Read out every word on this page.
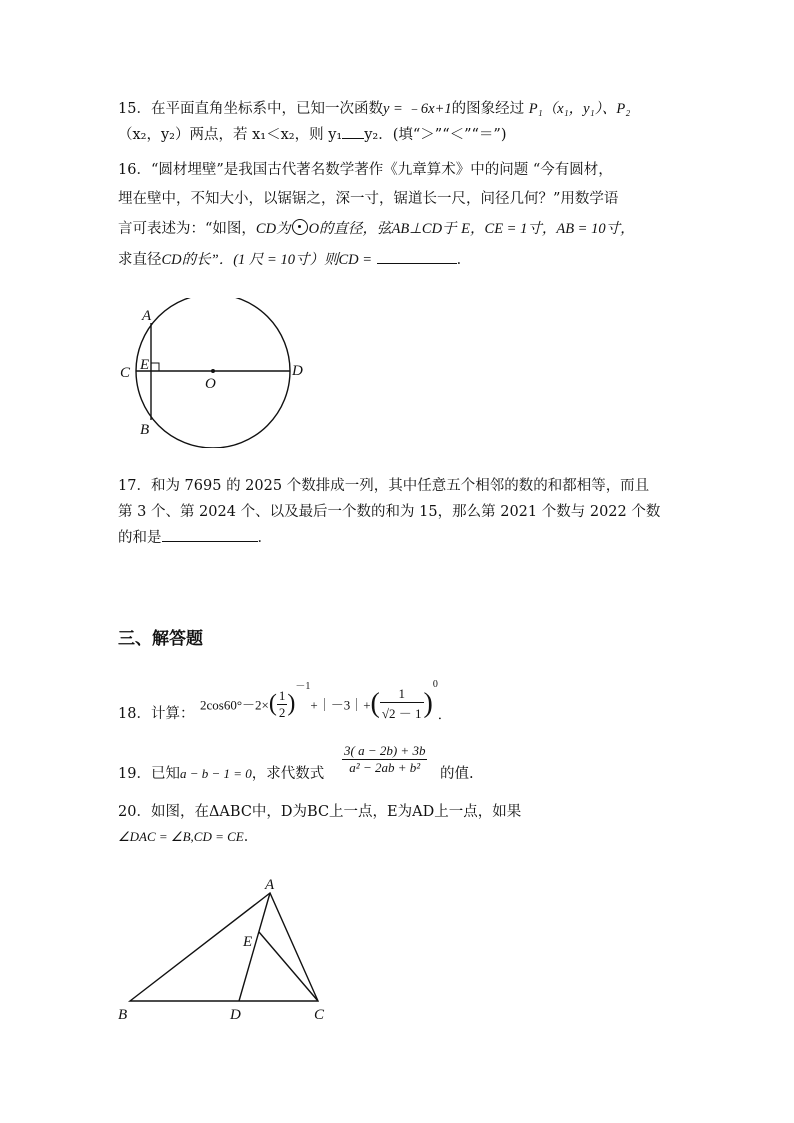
15．在平面直角坐标系中，已知一次函数y = ﹣6x+1的图象经过 P₁（x₁，y₁）、P₂
（x₂，y₂）两点，若 x₁＜x₂，则 y₁ y₂．(填“＞”“＜”“＝”)
16．“圆材埋壁”是我国古代著名数学著作《九章算术》中的问题 “今有圆材，
埋在壁中，不知大小，以锯锯之，深一寸，锯道长一尺，问径几何？”用数学语
言可表述为：“如图，CD为 O的直径，弦AB⊥CD于 E，CE = 1寸，AB = 10寸，
求直径CD的长”．(1 尺 = 10寸）则CD =	．
A
B
C	D
E
O
17．和为 7695 的 2025 个数排成一列，其中任意五个相邻的数的和都相等，而且
第 3 个、第 2024 个、以及最后一个数的和为 15，那么第 2021 个数与 2022 个数
的和是	．
三、解答题
18．计算：
$2\cos 60^\circ-2\times( \frac{1}{2}$ )$^{-1}+|-3|+( \frac{1}{√2 - 1} )^0$．
19．已知a − b − 1 = 0，求代数式 $\frac{3( a - 2b) + 3b}{\text{a² − 2ab + b²}}$ 的值.
20．如图，在ΔABC中，D为BC上一点，E为AD上一点，如果
∠DAC = ∠B,CD = CE．
A
B	C
D
E
